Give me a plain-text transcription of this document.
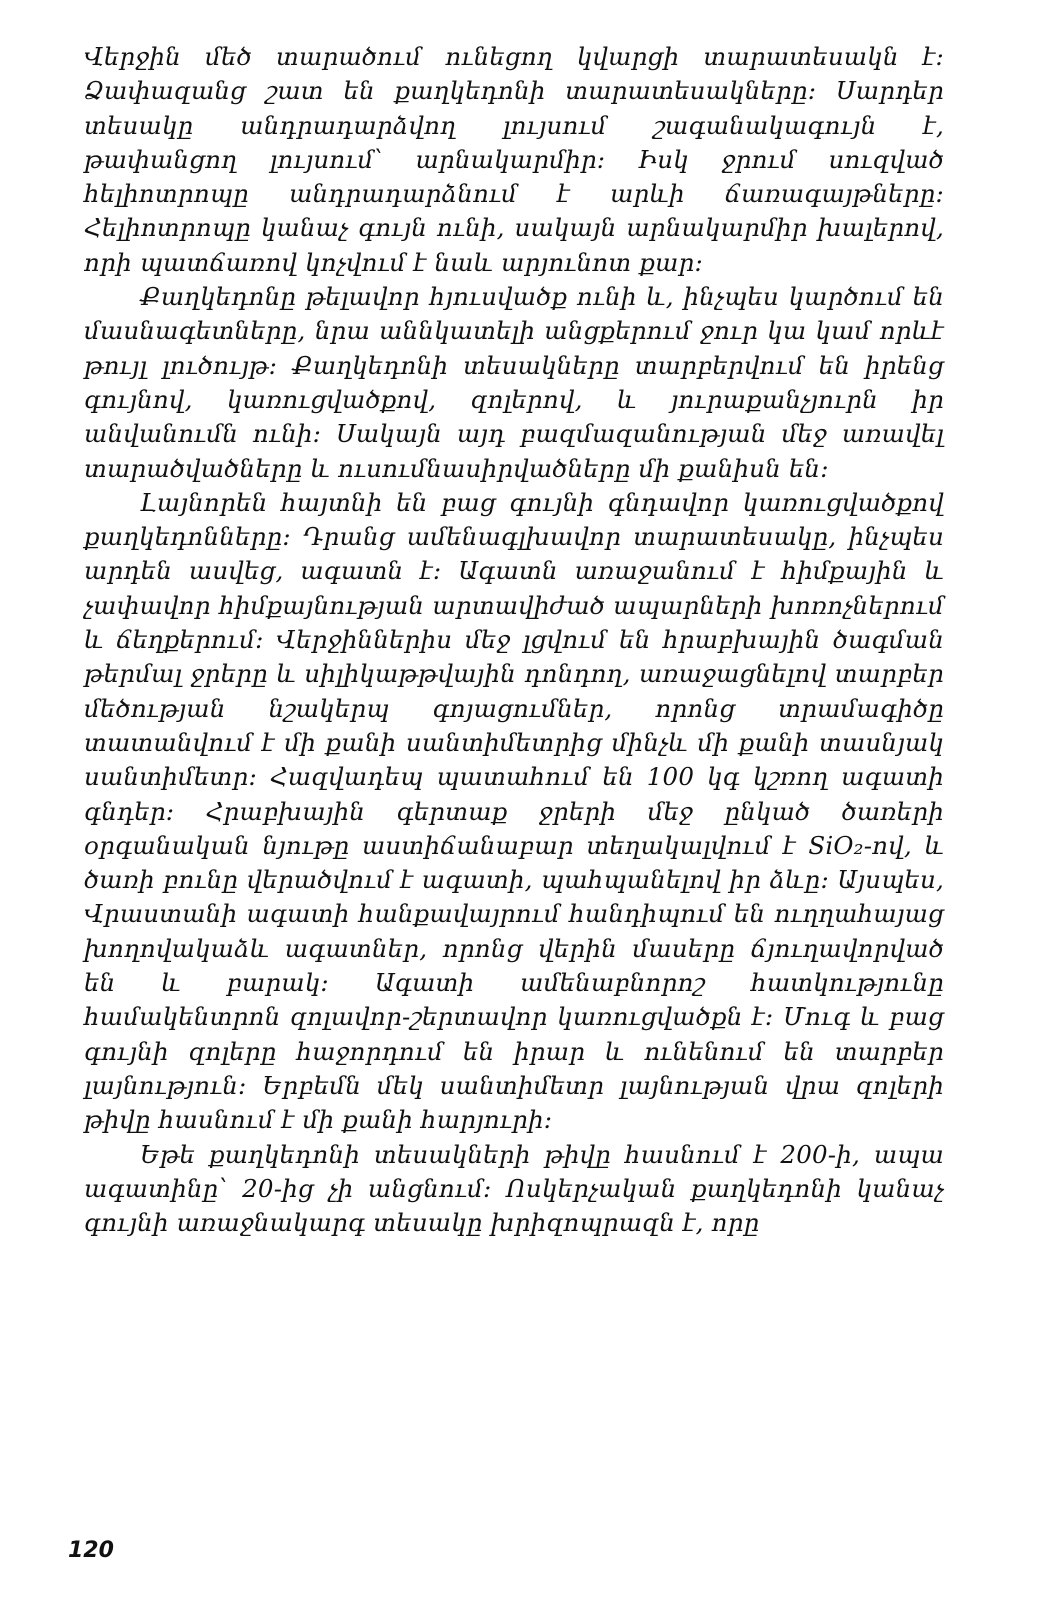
Վերջին մեծ տարածում ունեցող կվարցի տարատեսակն է։ Ձափազանց շատ են քաղկեդոնի տարատեսակները։ Սարդեր տեսակը անդրադարձվող լույսում շագանակագույն է, թափանցող լույսում՝ արնակարմիր։ Իսկ ջրում սուզված հելիոտրոպը անդրադարձնում է արևի ճառագայթները։ Հելիոտրոպը կանաչ գույն ունի, սակայն արնակարմիր խալերով, որի պատճառով կոչվում է նաև արյունոտ քար։

Քաղկեդոնը թելավոր հյուսվածք ունի և, ինչպես կարծում են մասնագետները, նրա աննկատելի անցքերում ջուր կա կամ որևէ թույլ լուծույթ։ Քաղկեդոնի տեսակները տարբերվում են իրենց գույնով, կառուցվածքով, զոլերով, և յուրաքանչյուրն իր անվանումն ունի։ Սակայն այդ բազմազանության մեջ առավել տարածվածները և ուսումնասիրվածները մի քանիսն են։

Լայնորեն հայտնի են բաց գույնի գնդավոր կառուցվածքով քաղկեդոնները։ Դրանց ամենագլխավոր տարատեսակը, ինչպես արդեն ասվեց, ագատն է։ Ագատն առաջանում է հիմքային և չափավոր հիմքայնության արտավիժած ապարների խոռոչներում և ճեղքերում։ Վերջիններիս մեջ լցվում են հրաբխային ծագման թերմալ ջրերը և սիլիկաթթվային դոնդող, առաջացնելով տարբեր մեծության նշակերպ գոյացումներ, որոնց տրամագիծը տատանվում է մի քանի սանտիմետրից մինչև մի քանի տասնյակ սանտիմետր։ Հազվադեպ պատահում են 100 կգ կշռող ագատի գնդեր։ Հրաբխային գերտաք ջրերի մեջ ընկած ծառերի օրգանական նյութը աստիճանաբար տեղակալվում է SiO₂-ով, և ծառի բունը վերածվում է ագատի, պահպանելով իր ձևը։ Այսպես, Վրաստանի ագատի հանքավայրում հանդիպում են ուղղահայաց խողովակաձև ագատներ, որոնց վերին մասերը ճյուղավորված են և բարակ։ Ագատի ամենաբնորոշ հատկությունը համակենտրոն զոլավոր-շերտավոր կառուցվածքն է։ Մուգ և բաց գույնի զոլերը հաջորդում են իրար և ունենում են տարբեր լայնություն։ Երբեմն մեկ սանտիմետր լայնության վրա զոլերի թիվը հասնում է մի քանի հարյուրի։

Եթե քաղկեդոնի տեսակների թիվը հասնում է 200-ի, ապա ագատինը՝ 20-ից չի անցնում։ Ոսկերչական քաղկեդոնի կանաչ գույնի առաջնակարգ տեսակը խրիզոպրազն է, որը

120
